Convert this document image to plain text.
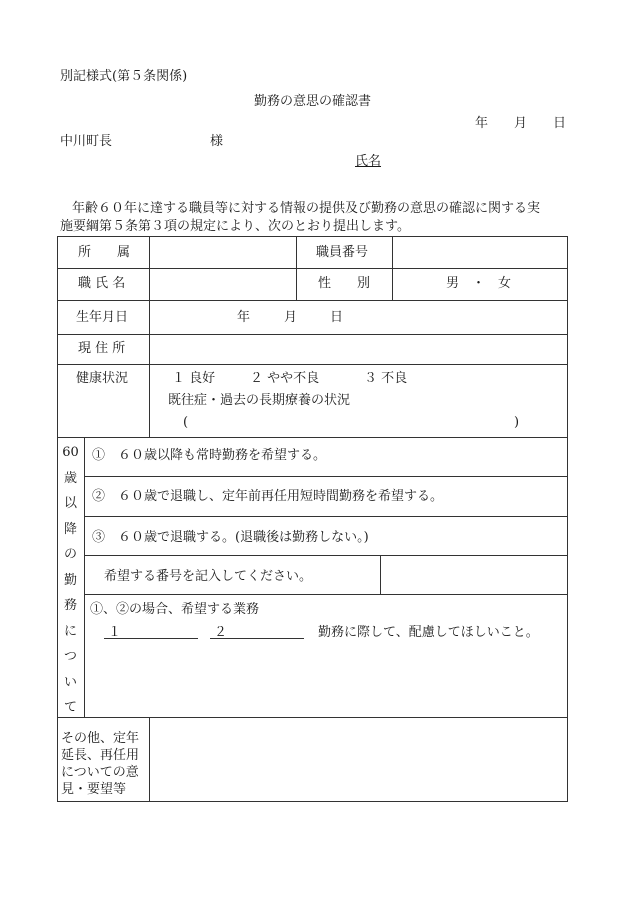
別記様式(第５条関係)
勤務の意思の確認書
年 月 日
中川町長	様
氏名
年齢６０年に達する職員等に対する情報の提供及び勤務の意思の確認に関する実
施要綱第５条第３項の規定により、次のとおり提出します。
所　　属	職員番号
職 氏 名	性　　別	男　・　女
生年月日	年	月	日
現 住 所
健康状況	１ 良好	２ やや不良	３ 不良
既往症・過去の長期療養の状況
(	)
60
歳
以
降
の
勤
務
に
つ
い
て
①　６０歳以降も常時勤務を希望する。
②　６０歳で退職し、定年前再任用短時間勤務を希望する。
③　６０歳で退職する。(退職後は勤務しない。)
希望する番号を記入してください。
①、②の場合、希望する業務
１	２	勤務に際して、配慮してほしいこと。
その他、定年
延長、再任用
についての意
見・要望等
